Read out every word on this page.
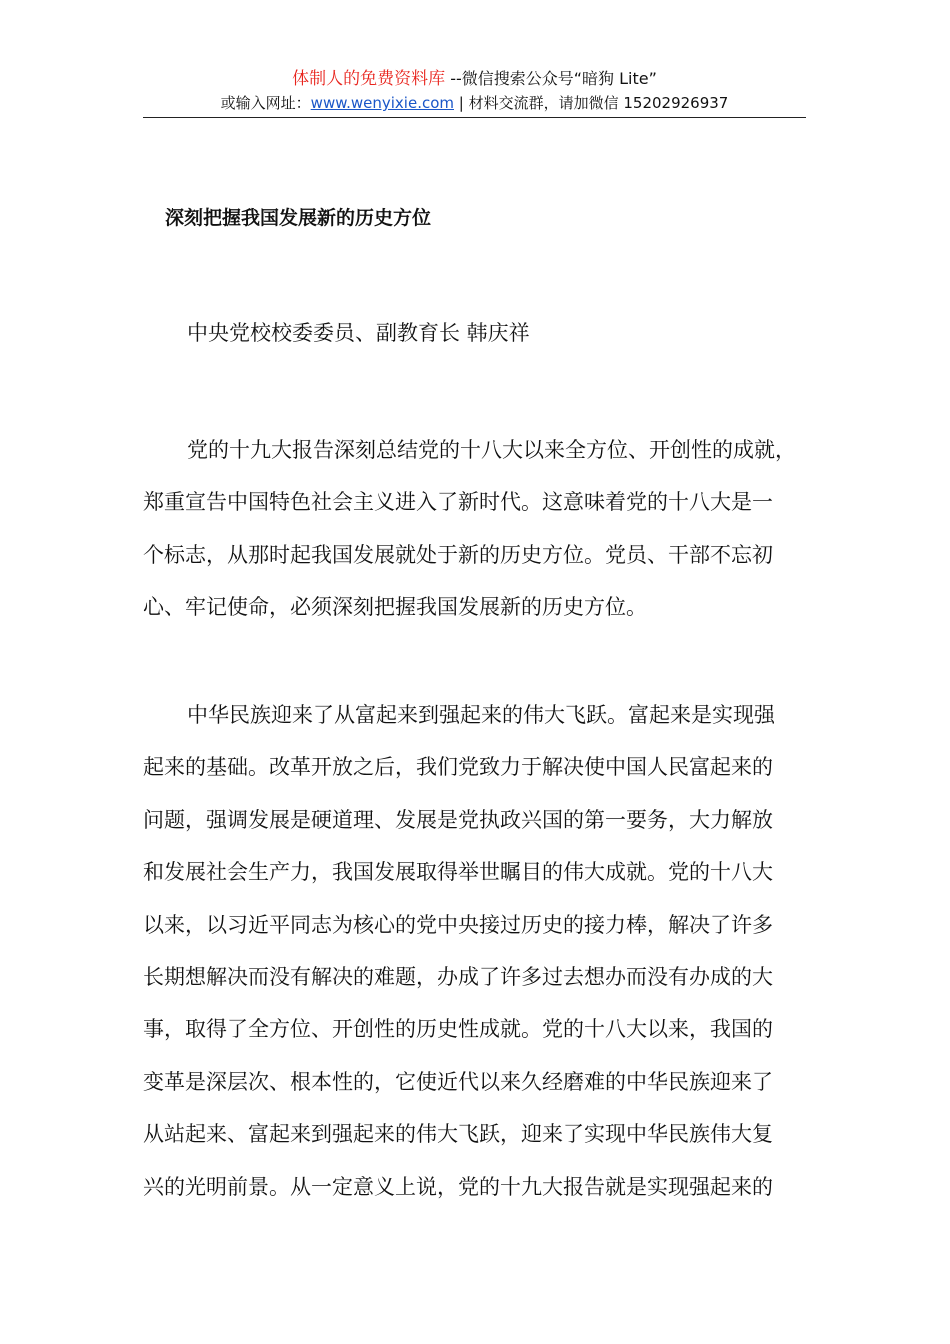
体制人的免费资料库 --微信搜索公众号“暗狗 Lite”
或输入网址：www.wenyixie.com | 材料交流群，请加微信 15202926937
深刻把握我国发展新的历史方位
中央党校校委委员、副教育长 韩庆祥
党的十九大报告深刻总结党的十八大以来全方位、开创性的成就，
郑重宣告中国特色社会主义进入了新时代。这意味着党的十八大是一
个标志，从那时起我国发展就处于新的历史方位。党员、干部不忘初
心、牢记使命，必须深刻把握我国发展新的历史方位。
中华民族迎来了从富起来到强起来的伟大飞跃。富起来是实现强
起来的基础。改革开放之后，我们党致力于解决使中国人民富起来的
问题，强调发展是硬道理、发展是党执政兴国的第一要务，大力解放
和发展社会生产力，我国发展取得举世瞩目的伟大成就。党的十八大
以来，以习近平同志为核心的党中央接过历史的接力棒，解决了许多
长期想解决而没有解决的难题，办成了许多过去想办而没有办成的大
事，取得了全方位、开创性的历史性成就。党的十八大以来，我国的
变革是深层次、根本性的，它使近代以来久经磨难的中华民族迎来了
从站起来、富起来到强起来的伟大飞跃，迎来了实现中华民族伟大复
兴的光明前景。从一定意义上说，党的十九大报告就是实现强起来的
